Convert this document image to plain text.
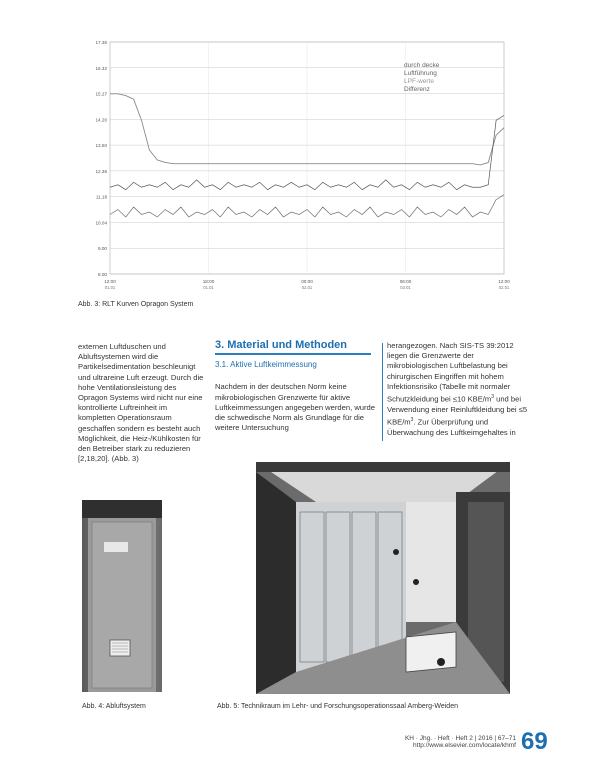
17.36
16.32
15.27
14.20
13.50
12.36
11.18
10.04
9.00
8.00
12:00
01.01
18:00
01.01
00:00
02.01
06:00
02.01
12:00
02.01
durch decke
Luftführung
LPF-werte
Differenz
Abb. 3: RLT Kurven Opragon System

externen Luftduschen und Abluftsystemen wird die Partikelsedimentation beschleunigt und ultrareine Luft erzeugt. Durch die hohe Ventilationsleistung des Opragon Systems wird nicht nur eine kontrollierte Luftreinheit im kompletten Operationsraum geschaffen sondern es besteht auch Möglichkeit, die Heiz-/Kühlkosten für den Betreiber stark zu reduzieren [2,18,20]. (Abb. 3)

3. Material und Methoden
3.1. Aktive Luftkeimmessung

Nachdem in der deutschen Norm keine mikrobiologischen Grenzwerte für aktive Luftkeimmessungen angegeben werden, wurde die schwedische Norm als Grundlage für die weitere Untersuchung

herangezogen. Nach SIS-TS 39:2012 liegen die Grenzwerte der mikrobiologischen Luftbelastung bei chirurgischen Eingriffen mit hohem Infektionsrisiko (Tabelle mit normaler Schutzkleidung bei ≤10 KBE/$m^3$ und bei Verwendung einer Reinluftkleidung bei ≤5 KBE/$m^3$. Zur Überprüfung und Überwachung des Luftkeimgehaltes in

Abb. 4: Abluftsystem	Abb. 5: Technikraum im Lehr- und Forschungsoperationssaal Amberg-Weiden
KH · Jhg. · Heft · Heft 2 | 2016 | 67–71
http://www.elsevier.com/locate/khmf 69
